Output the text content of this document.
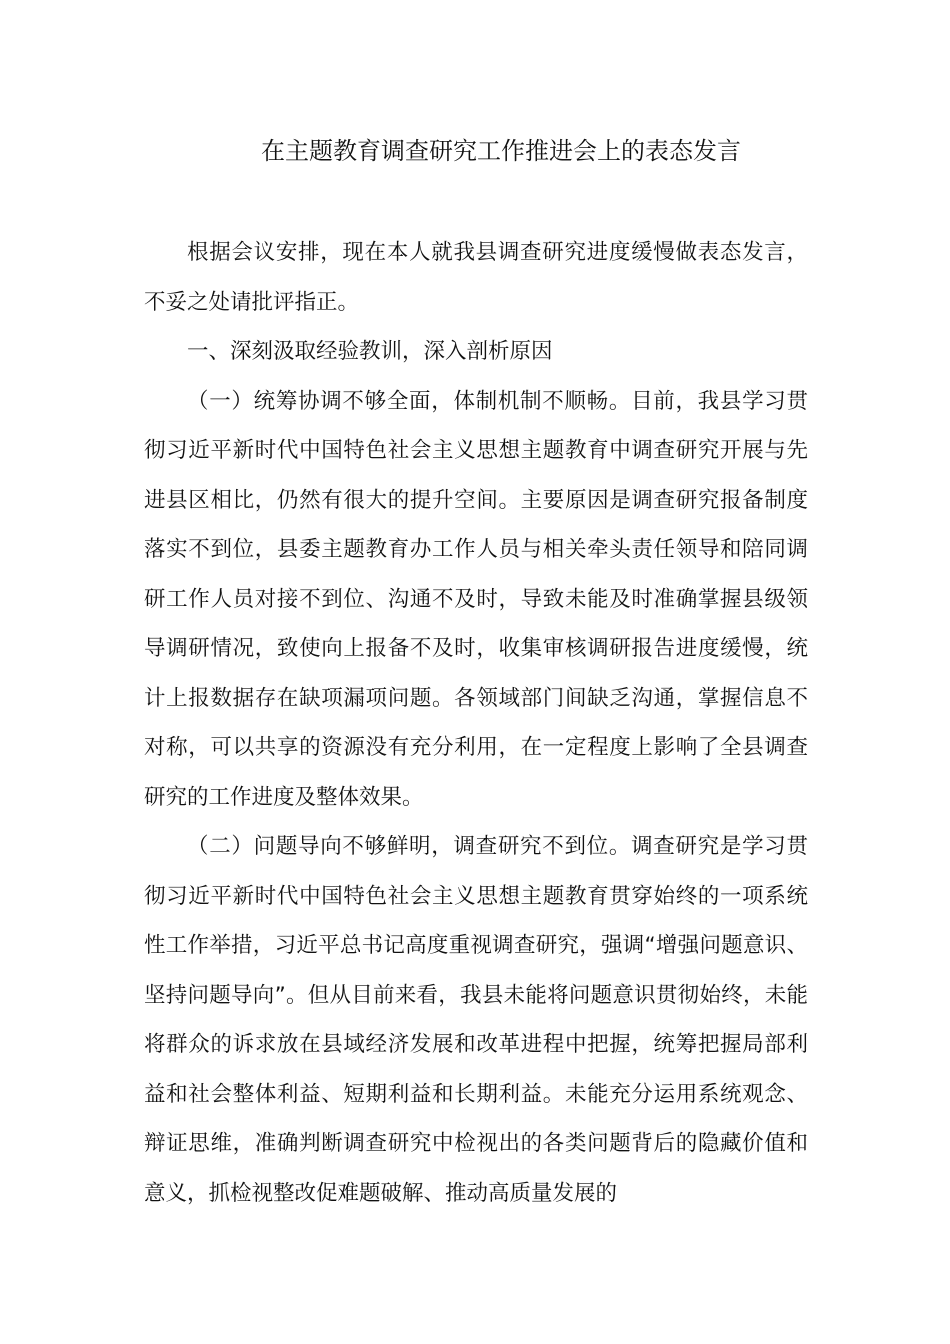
在主题教育调查研究工作推进会上的表态发言

根据会议安排，现在本人就我县调查研究进度缓慢做表态发言，不妥之处请批评指正。

一、深刻汲取经验教训，深入剖析原因

（一）统筹协调不够全面，体制机制不顺畅。目前，我县学习贯彻习近平新时代中国特色社会主义思想主题教育中调查研究开展与先进县区相比，仍然有很大的提升空间。主要原因是调查研究报备制度落实不到位，县委主题教育办工作人员与相关牵头责任领导和陪同调研工作人员对接不到位、沟通不及时，导致未能及时准确掌握县级领导调研情况，致使向上报备不及时，收集审核调研报告进度缓慢，统计上报数据存在缺项漏项问题。各领域部门间缺乏沟通，掌握信息不对称，可以共享的资源没有充分利用，在一定程度上影响了全县调查研究的工作进度及整体效果。

（二）问题导向不够鲜明，调查研究不到位。调查研究是学习贯彻习近平新时代中国特色社会主义思想主题教育贯穿始终的一项系统性工作举措，习近平总书记高度重视调查研究，强调“增强问题意识、坚持问题导向”。但从目前来看，我县未能将问题意识贯彻始终，未能将群众的诉求放在县域经济发展和改革进程中把握，统筹把握局部利益和社会整体利益、短期利益和长期利益。未能充分运用系统观念、辩证思维，准确判断调查研究中检视出的各类问题背后的隐藏价值和意义，抓检视整改促难题破解、推动高质量发展的
